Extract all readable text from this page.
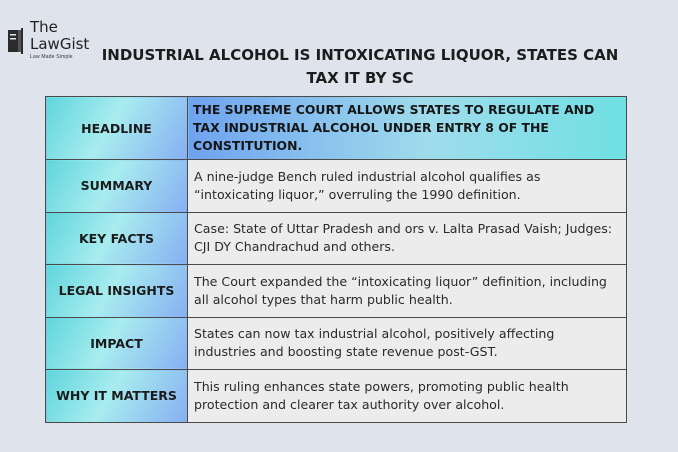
The
LawGist
Law Made Simple	INDUSTRIAL ALCOHOL IS INTOXICATING LIQUOR, STATES CAN
TAX IT BY SC
HEADLINE	THE SUPREME COURT ALLOWS STATES TO REGULATE AND TAX INDUSTRIAL ALCOHOL UNDER ENTRY 8 OF THE CONSTITUTION.
SUMMARY	A nine-judge Bench ruled industrial alcohol qualifies as “intoxicating liquor,” overruling the 1990 definition.
KEY FACTS	Case: State of Uttar Pradesh and ors v. Lalta Prasad Vaish; Judges: CJI DY Chandrachud and others.
LEGAL INSIGHTS	The Court expanded the “intoxicating liquor” definition, including all alcohol types that harm public health.
IMPACT	States can now tax industrial alcohol, positively affecting industries and boosting state revenue post-GST.
WHY IT MATTERS	This ruling enhances state powers, promoting public health protection and clearer tax authority over alcohol.
